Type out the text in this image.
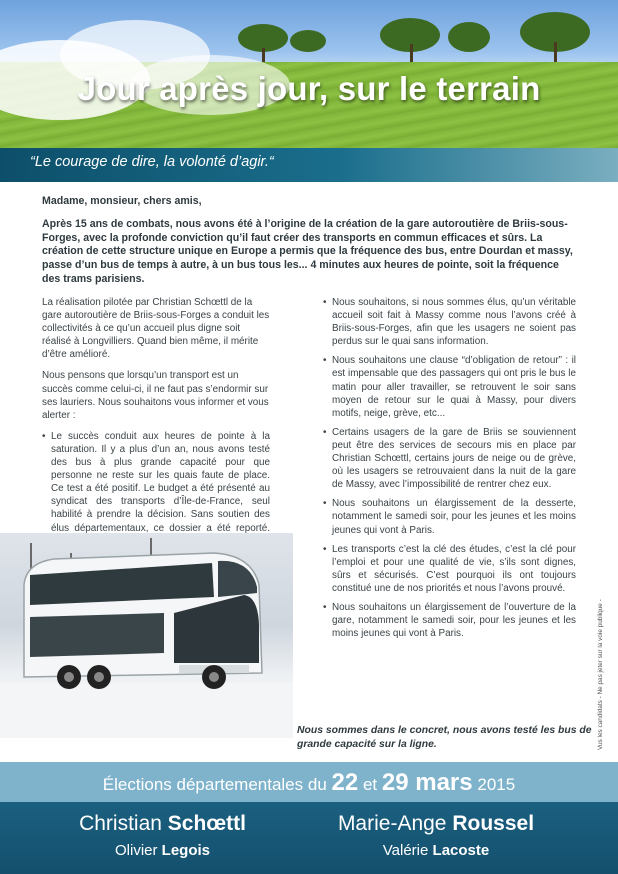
Jour après jour, sur le terrain
“Le courage de dire, la volonté d’agir.“

Madame, monsieur, chers amis,

Après 15 ans de combats, nous avons été à l’origine de la création de la gare autoroutière de Briis-sous-Forges, avec la profonde conviction qu’il faut créer des transports en commun efficaces et sûrs. La création de cette structure unique en Europe a permis que la fréquence des bus, entre Dourdan et massy, passe d’un bus de temps à autre, à un bus tous les... 4 minutes aux heures de pointe, soit la fréquence des trams parisiens.

La réalisation pilotée par Christian Schœttl de la gare autoroutière de Briis-sous-Forges a conduit les collectivités à ce qu’un accueil plus digne soit réalisé à Longvilliers. Quand bien même, il mérite d’être amélioré.

Nous pensons que lorsqu’un transport est un succès comme celui-ci, il ne faut pas s’endormir sur ses lauriers. Nous souhaitons vous informer et vous alerter :

• Le succès conduit aux heures de pointe à la saturation. Il y a plus d’un an, nous avons testé des bus à plus grande capacité pour que personne ne reste sur les quais faute de place. Ce test a été positif. Le budget a été présenté au syndicat des transports d’Île-de-France, seul habilité à prendre la décision. Sans soutien des élus départementaux, ce dossier a été reporté.
• Nous souhaitons, si nous sommes élus, qu’un véritable accueil soit fait à Massy comme nous l’avons créé à Briis-sous-Forges, afin que les usagers ne soient pas perdus sur le quai sans information.
• Nous souhaitons une clause “d’obligation de retour” : il est impensable que des passagers qui ont pris le bus le matin pour aller travailler, se retrouvent le soir sans moyen de retour sur le quai à Massy, pour divers motifs, neige, grève, etc...
• Certains usagers de la gare de Briis se souviennent peut être des services de secours mis en place par Christian Schœttl, certains jours de neige ou de grève, où les usagers se retrouvaient dans la nuit de la gare de Massy, avec l’impossibilité de rentrer chez eux.
• Nous souhaitons un élargissement de la desserte, notamment le samedi soir, pour les jeunes et les moins jeunes qui vont à Paris.
• Les transports c’est la clé des études, c’est la clé pour l’emploi et pour une qualité de vie, s’ils sont dignes, sûrs et sécurisés. C’est pourquoi ils ont toujours constitué une de nos priorités et nous l’avons prouvé.
• Nous souhaitons un élargissement de l’ouverture de la gare, notamment le samedi soir, pour les jeunes et les moins jeunes qui vont à Paris.
Nous sommes dans le concret, nous avons testé les bus de grande capacité sur la ligne.	Vus les candidats - Ne pas jeter sur la voie publique -
Élections départementales du 22 et 29 mars 2015
Christian Schœttl
Olivier Legois
Marie-Ange Roussel
Valérie Lacoste
